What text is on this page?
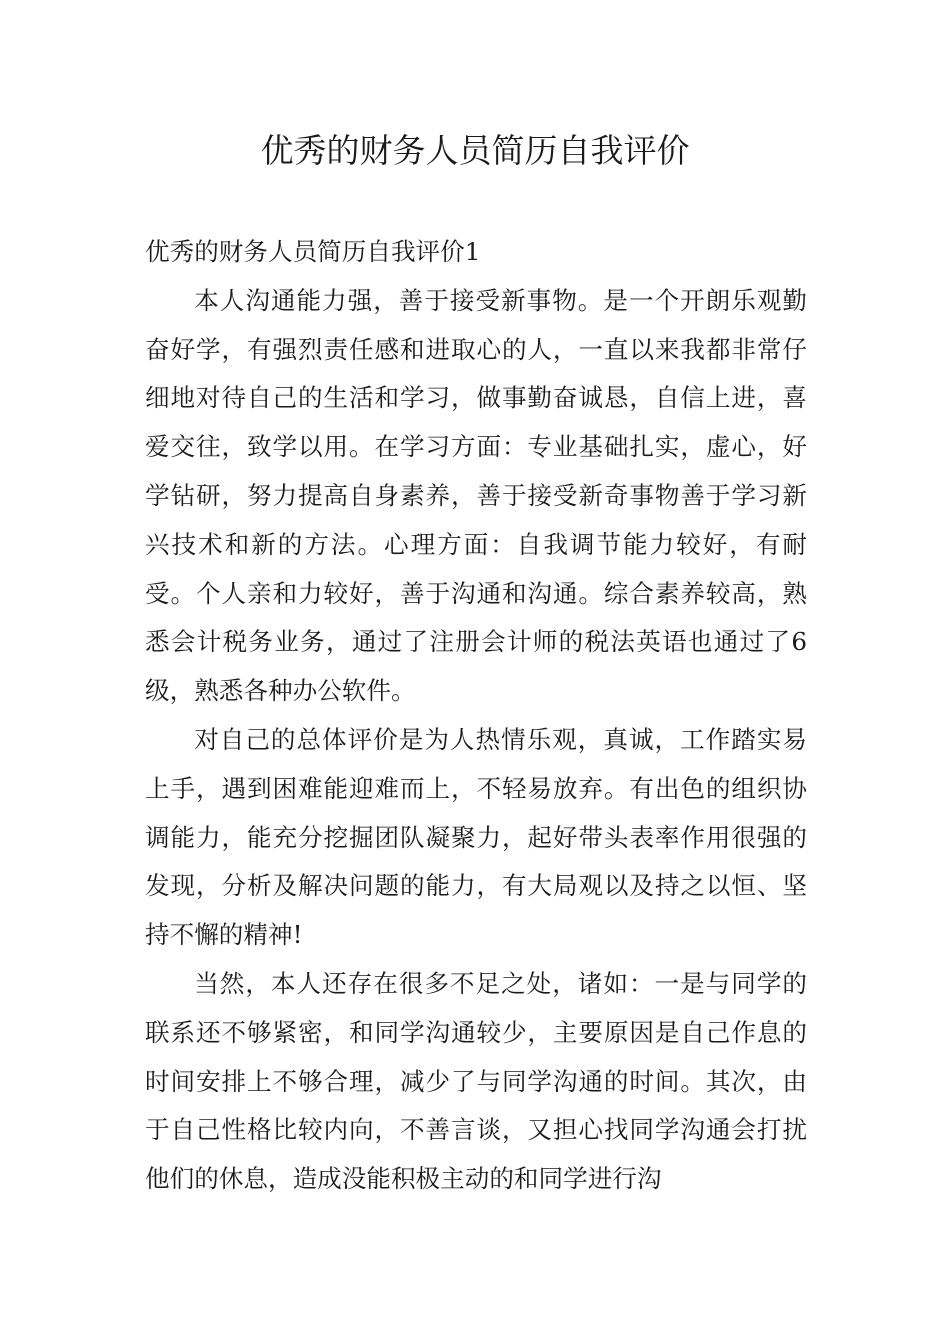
优秀的财务人员简历自我评价

优秀的财务人员简历自我评价1

本人沟通能力强，善于接受新事物。是一个开朗乐观勤奋好学，有强烈责任感和进取心的人，一直以来我都非常仔细地对待自己的生活和学习，做事勤奋诚恳，自信上进，喜爱交往，致学以用。在学习方面：专业基础扎实，虚心，好学钻研，努力提高自身素养，善于接受新奇事物善于学习新兴技术和新的方法。心理方面：自我调节能力较好，有耐受。个人亲和力较好，善于沟通和沟通。综合素养较高，熟悉会计税务业务，通过了注册会计师的税法英语也通过了6级，熟悉各种办公软件。

对自己的总体评价是为人热情乐观，真诚，工作踏实易上手，遇到困难能迎难而上，不轻易放弃。有出色的组织协调能力，能充分挖掘团队凝聚力，起好带头表率作用很强的发现，分析及解决问题的能力，有大局观以及持之以恒、坚持不懈的精神!

当然，本人还存在很多不足之处，诸如：一是与同学的联系还不够紧密，和同学沟通较少，主要原因是自己作息的时间安排上不够合理，减少了与同学沟通的时间。其次，由于自己性格比较内向，不善言谈，又担心找同学沟通会打扰他们的休息，造成没能积极主动的和同学进行沟
